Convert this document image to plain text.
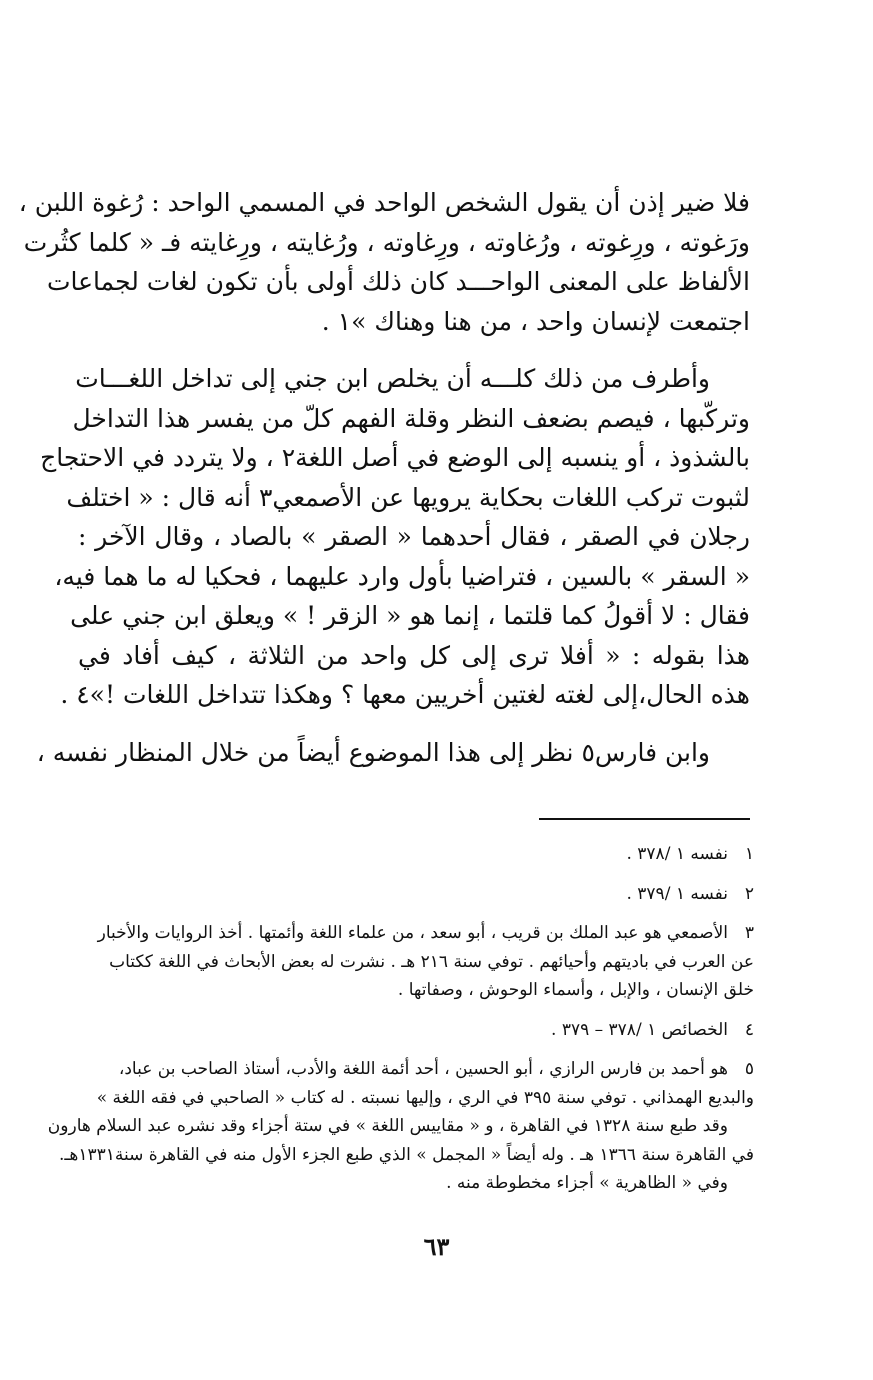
فلا ضير إذن أن يقول الشخص الواحد في المسمي الواحد : رُغوة اللبن ،
ورَغوته ، ورِغوته ، ورُغاوته ، ورِغاوته ، ورُغايته ، ورِغايته فـ « كلما كثُرت
الألفاظ على المعنى الواحـــد كان ذلك أولى بأن تكون لغات لجماعات
اجتمعت لإنسان واحد ، من هنا وهناك »١ .

وأطرف من ذلك كلـــه أن يخلص ابن جني إلى تداخل اللغـــات
وتركّبها ، فيصم بضعف النظر وقلة الفهم كلّ من يفسر هذا التداخل
بالشذوذ ، أو ينسبه إلى الوضع في أصل اللغة٢ ، ولا يتردد في الاحتجاج
لثبوت تركب اللغات بحكاية يرويها عن الأصمعي٣ أنه قال : « اختلف
رجلان في الصقر ، فقال أحدهما « الصقر » بالصاد ، وقال الآخر :
« السقر » بالسين ، فتراضيا بأول وارد عليهما ، فحكيا له ما هما فيه،
فقال : لا أقولُ كما قلتما ، إنما هو « الزقر ! » ويعلق ابن جني على
هذا بقوله : « أفلا ترى إلى كل واحد من الثلاثة ، كيف أفاد في
هذه الحال،إلى لغته لغتين أخريين معها ؟ وهكذا تتداخل اللغات !»٤ .

وابن فارس٥ نظر إلى هذا الموضوع أيضاً من خلال المنظار نفسه ،

١
نفسه ١ /٣٧٨ .
٢
نفسه ١ /٣٧٩ .
٣
الأصمعي هو عبد الملك بن قريب ، أبو سعد ، من علماء اللغة وأئمتها . أخذ الروايات والأخبار
عن العرب في باديتهم وأحيائهم . توفي سنة ٢١٦ هـ . نشرت له بعض الأبحاث في اللغة ككتاب
خلق الإنسان ، والإبل ، وأسماء الوحوش ، وصفاتها .
٤
الخصائص ١ /٣٧٨ – ٣٧٩ .
٥
هو أحمد بن فارس الرازي ، أبو الحسين ، أحد أئمة اللغة والأدب، أستاذ الصاحب بن عباد،
والبديع الهمذاني . توفي سنة ٣٩٥ في الري ، وإليها نسبته . له كتاب « الصاحبي في فقه اللغة »
وقد طبع سنة ١٣٢٨ في القاهرة ، و « مقاييس اللغة » في ستة أجزاء وقد نشره عبد السلام هارون
في القاهرة سنة ١٣٦٦ هـ . وله أيضاً « المجمل » الذي طبع الجزء الأول منه في القاهرة سنة١٣٣١هـ.
وفي « الظاهرية » أجزاء مخطوطة منه .
٦٣
